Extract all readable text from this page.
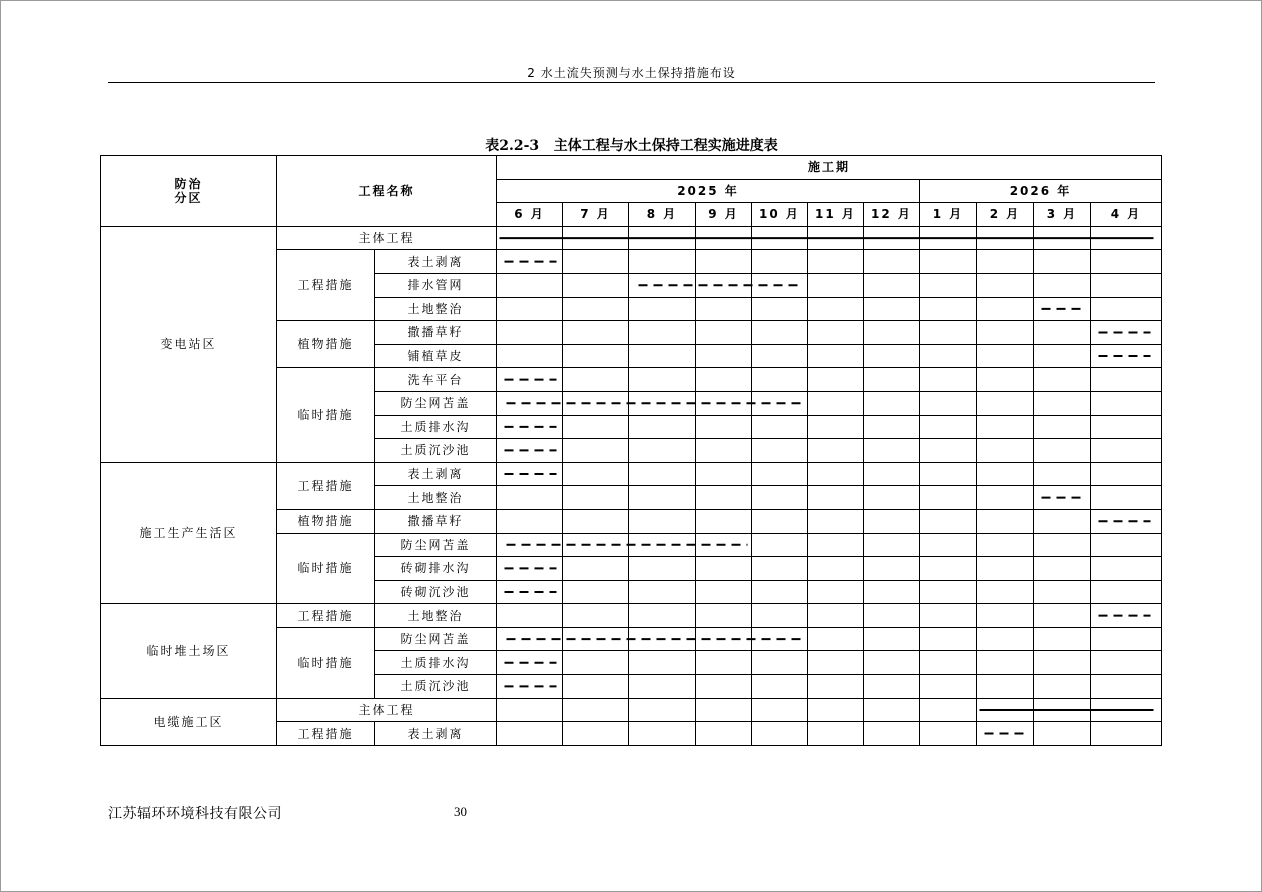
2 水土流失预测与水土保持措施布设
表2.2-3 主体工程与水土保持工程实施进度表
防治
分区	工程名称		施工期										
			2025 年							2026 年			
			6 月	7 月	8 月	9 月	10 月	11 月	12 月	1 月	2 月	3 月	4 月
变电站区	主体工程												
	工程措施	表土剥离											
		排水管网											
		土地整治											
	植物措施	撒播草籽											
		铺植草皮											
	临时措施	洗车平台											
		防尘网苫盖											
		土质排水沟											
		土质沉沙池											
施工生产生活区	工程措施	表土剥离											
		土地整治											
	植物措施	撒播草籽											
	临时措施	防尘网苫盖											
		砖砌排水沟											
		砖砌沉沙池											
临时堆土场区	工程措施	土地整治											
	临时措施	防尘网苫盖											
		土质排水沟											
		土质沉沙池											
电缆施工区	主体工程												
	工程措施	表土剥离											
江苏辐环环境科技有限公司	30
